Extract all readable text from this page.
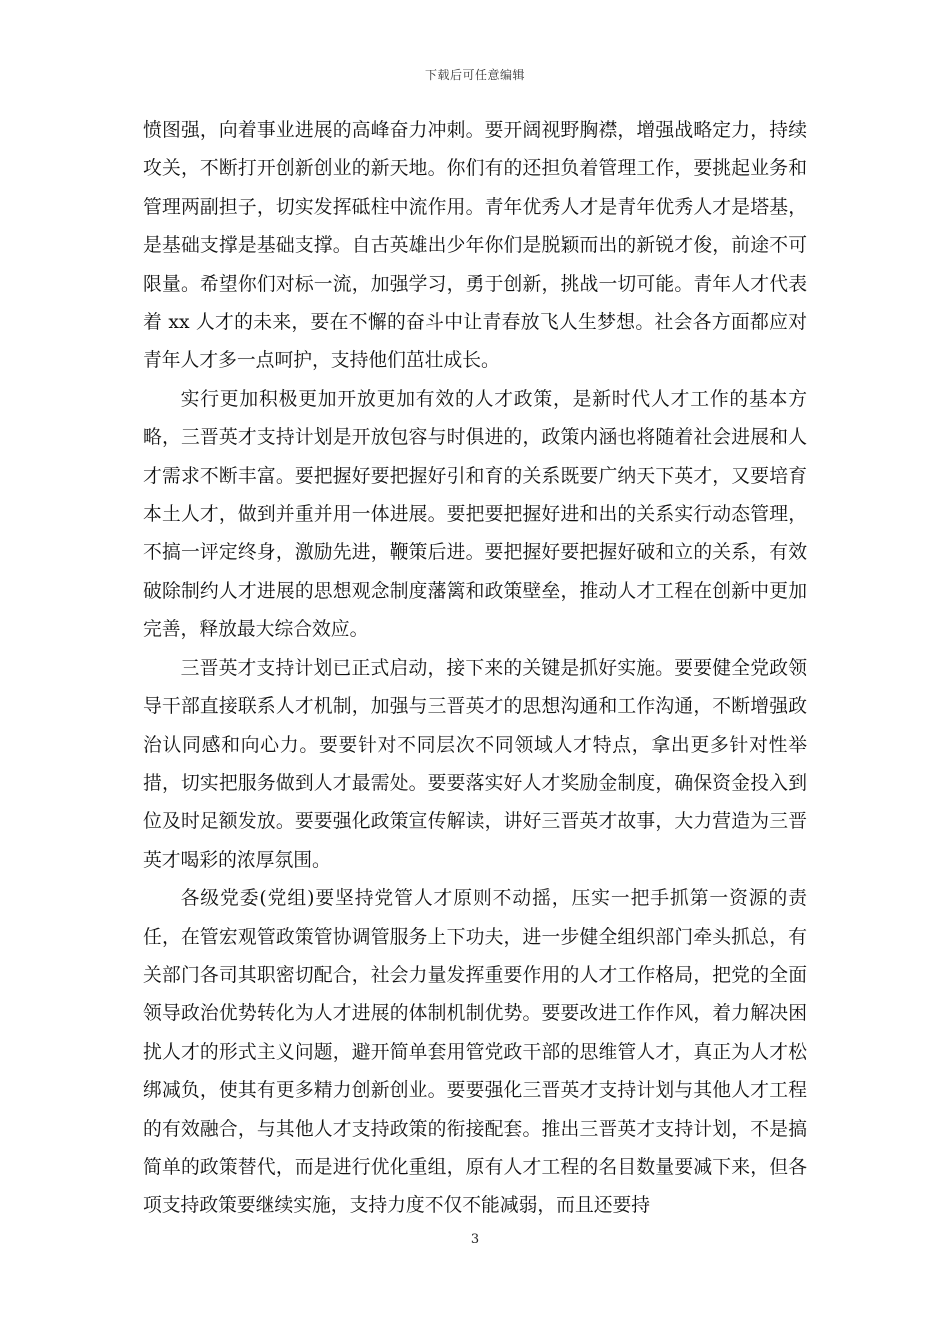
下载后可任意编辑

愤图强，向着事业进展的高峰奋力冲刺。要开阔视野胸襟，增强战略定力，持续攻关，不断打开创新创业的新天地。你们有的还担负着管理工作，要挑起业务和管理两副担子，切实发挥砥柱中流作用。青年优秀人才是青年优秀人才是塔基，是基础支撑是基础支撑。自古英雄出少年你们是脱颖而出的新锐才俊，前途不可限量。希望你们对标一流，加强学习，勇于创新，挑战一切可能。青年人才代表着 xx 人才的未来，要在不懈的奋斗中让青春放飞人生梦想。社会各方面都应对青年人才多一点呵护，支持他们茁壮成长。

实行更加积极更加开放更加有效的人才政策，是新时代人才工作的基本方略，三晋英才支持计划是开放包容与时俱进的，政策内涵也将随着社会进展和人才需求不断丰富。要把握好要把握好引和育的关系既要广纳天下英才，又要培育本土人才，做到并重并用一体进展。要把要把握好进和出的关系实行动态管理，不搞一评定终身，激励先进，鞭策后进。要把握好要把握好破和立的关系，有效破除制约人才进展的思想观念制度藩篱和政策壁垒，推动人才工程在创新中更加完善，释放最大综合效应。

三晋英才支持计划已正式启动，接下来的关键是抓好实施。要要健全党政领导干部直接联系人才机制，加强与三晋英才的思想沟通和工作沟通，不断增强政治认同感和向心力。要要针对不同层次不同领域人才特点，拿出更多针对性举措，切实把服务做到人才最需处。要要落实好人才奖励金制度，确保资金投入到位及时足额发放。要要强化政策宣传解读，讲好三晋英才故事，大力营造为三晋英才喝彩的浓厚氛围。

各级党委(党组)要坚持党管人才原则不动摇，压实一把手抓第一资源的责任，在管宏观管政策管协调管服务上下功夫，进一步健全组织部门牵头抓总，有关部门各司其职密切配合，社会力量发挥重要作用的人才工作格局，把党的全面领导政治优势转化为人才进展的体制机制优势。要要改进工作作风，着力解决困扰人才的形式主义问题，避开简单套用管党政干部的思维管人才，真正为人才松绑减负，使其有更多精力创新创业。要要强化三晋英才支持计划与其他人才工程的有效融合，与其他人才支持政策的衔接配套。推出三晋英才支持计划，不是搞简单的政策替代，而是进行优化重组，原有人才工程的名目数量要减下来，但各项支持政策要继续实施，支持力度不仅不能减弱，而且还要持

3
